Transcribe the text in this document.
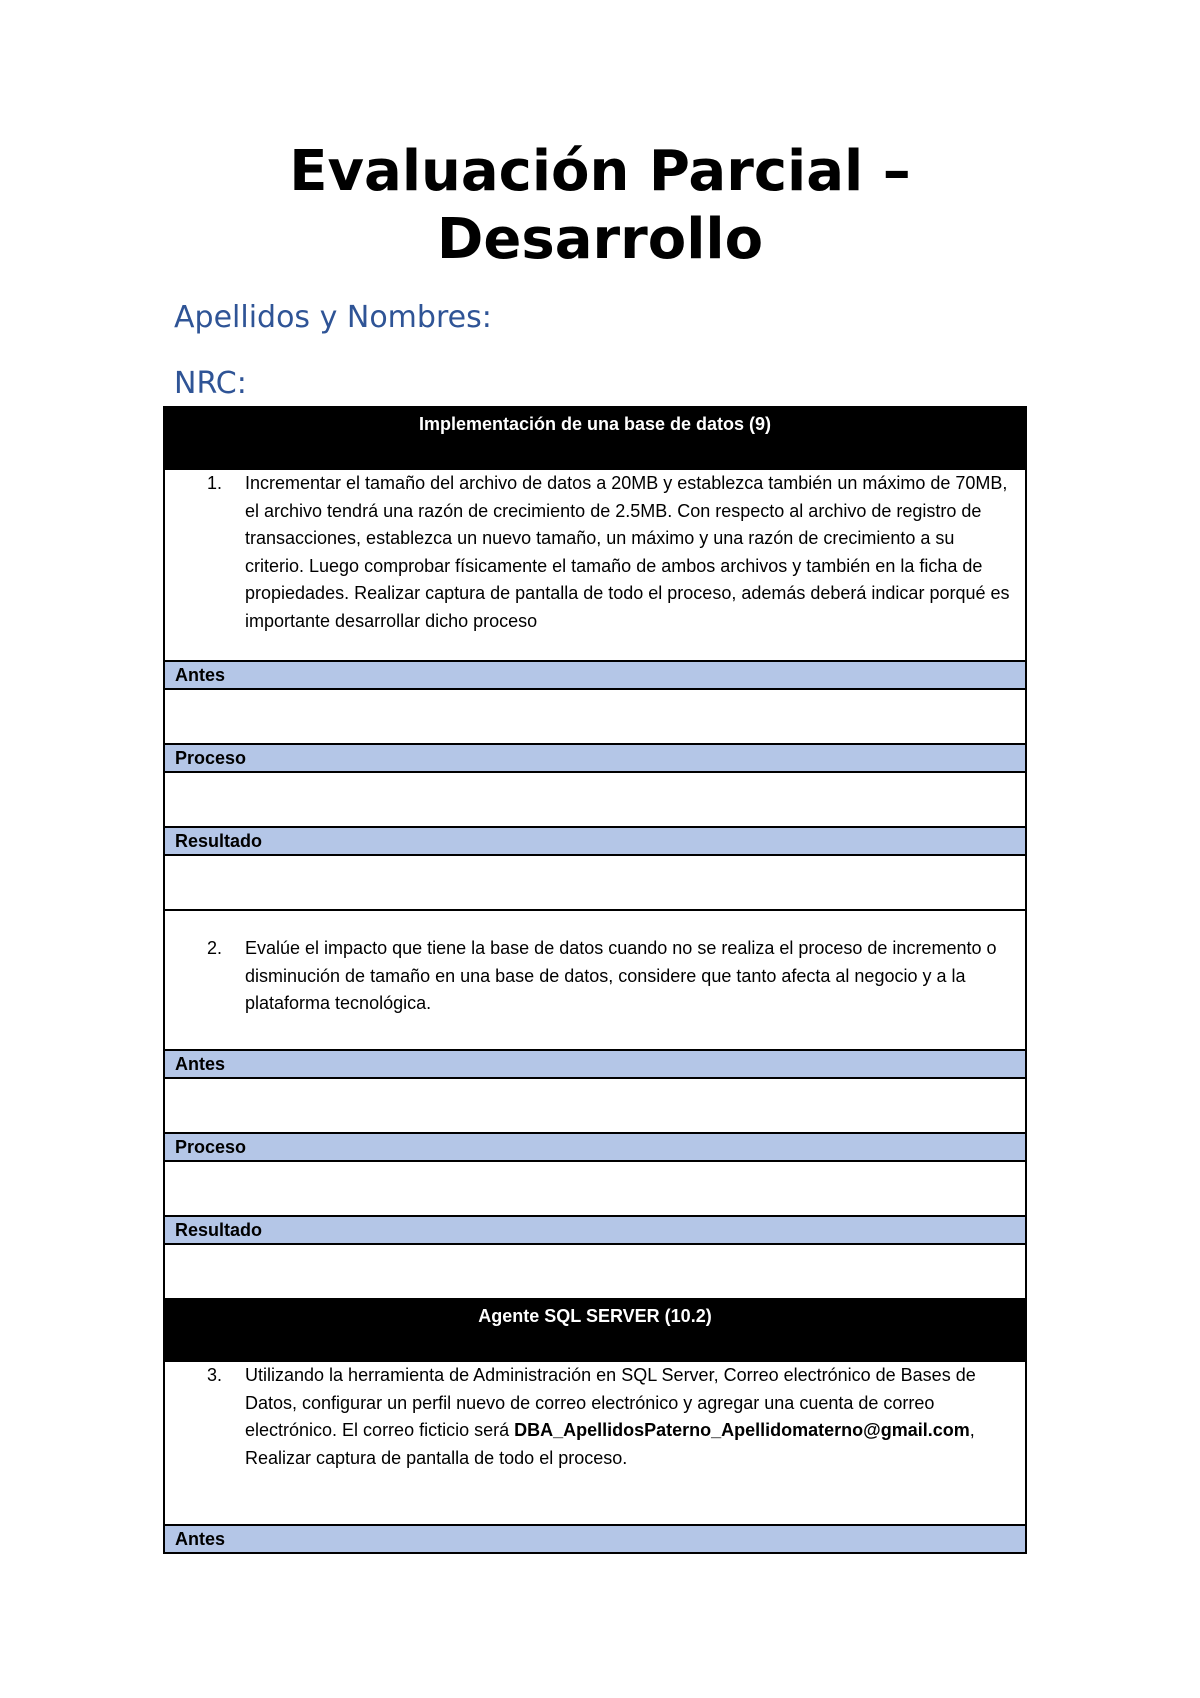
Evaluación Parcial –
Desarrollo

Apellidos y Nombres:

NRC:

Implementación de una base de datos (9)

1.	Incrementar el tamaño del archivo de datos a 20MB y establezca también un máximo de 70MB, el archivo tendrá una razón de crecimiento de 2.5MB. Con respecto al archivo de registro de transacciones, establezca un nuevo tamaño, un máximo y una razón de crecimiento a su criterio. Luego comprobar físicamente el tamaño de ambos archivos y también en la ficha de propiedades. Realizar captura de pantalla de todo el proceso, además deberá indicar porqué es importante desarrollar dicho proceso

Antes

Proceso

Resultado

2.	Evalúe el impacto que tiene la base de datos cuando no se realiza el proceso de incremento o disminución de tamaño en una base de datos, considere que tanto afecta al negocio y a la plataforma tecnológica.

Antes

Proceso

Resultado

Agente SQL SERVER (10.2)

3.	Utilizando la herramienta de Administración en SQL Server, Correo electrónico de Bases de Datos, configurar un perfil nuevo de correo electrónico y agregar una cuenta de correo electrónico. El correo ficticio será DBA_ApellidosPaterno_Apellidomaterno@gmail.com, Realizar captura de pantalla de todo el proceso.

Antes
